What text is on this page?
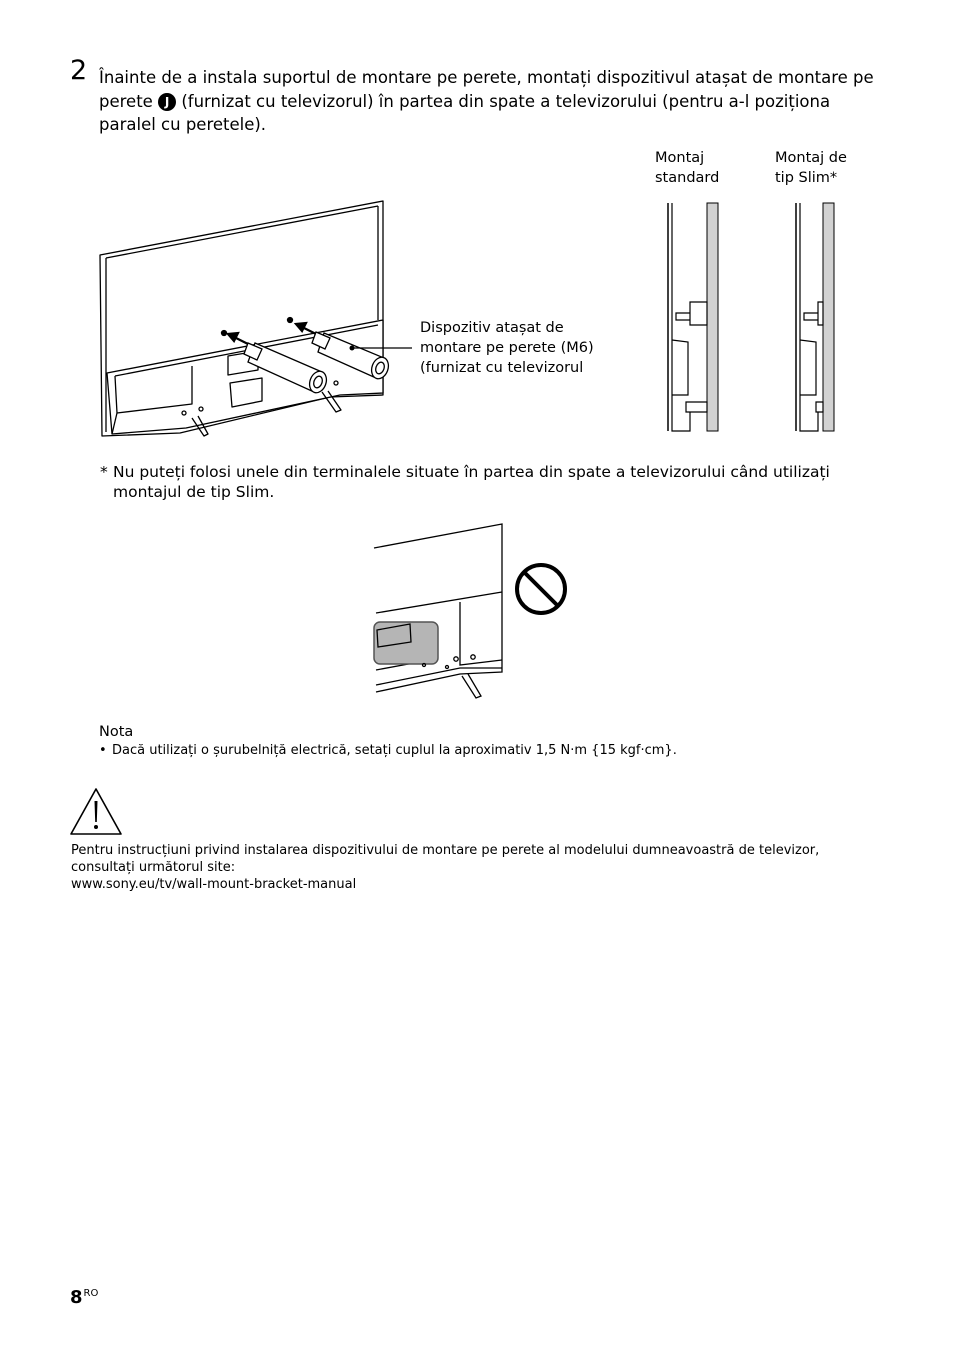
2 Înainte de a instala suportul de montare pe perete, montați dispozitivul atașat de montare pe perete J (furnizat cu televizorul) în partea din spate a televizorului (pentru a-l poziționa paralel cu peretele).
Dispozitiv atașat de
montare pe perete (M6)
(furnizat cu televizorul
Montaj
standard
Montaj de
tip Slim*
* Nu puteți folosi unele din terminalele situate în partea din spate a televizorului când utilizați montajul de tip Slim.
Nota
• Dacă utilizați o șurubelniță electrică, setați cuplul la aproximativ 1,5 N·m {15 kgf·cm}.
Pentru instrucțiuni privind instalarea dispozitivului de montare pe perete al modelului dumneavoastră de televizor,
consultați următorul site:
www.sony.eu/tv/wall-mount-bracket-manual
$8^{RO}$
